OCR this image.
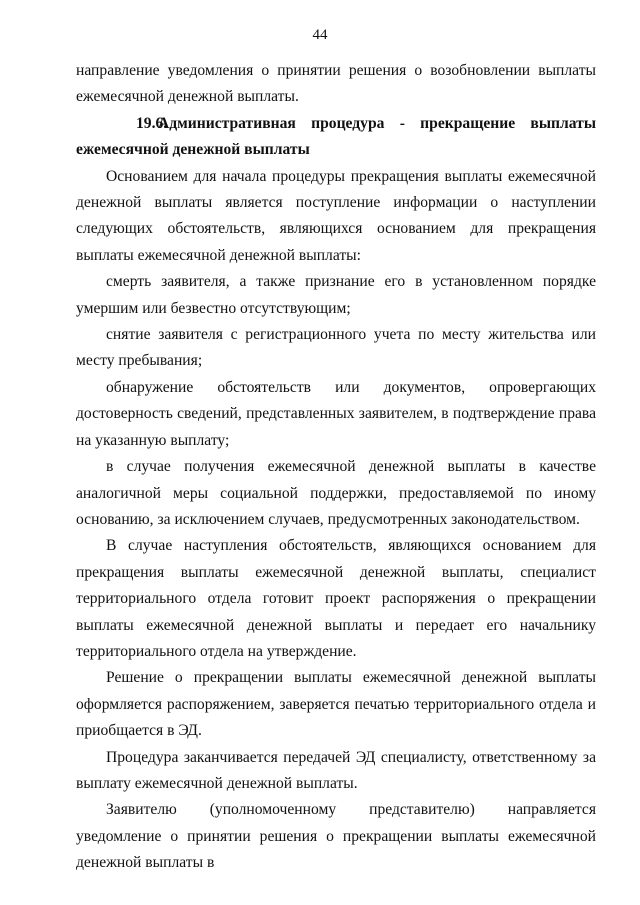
44

направление уведомления о принятии решения о возобновлении выплаты ежемесячной денежной выплаты.

19.6.Административная процедура - прекращение выплаты ежемесячной денежной выплаты

Основанием для начала процедуры прекращения выплаты ежемесячной денежной выплаты является поступление информации о наступлении следующих обстоятельств, являющихся основанием для прекращения выплаты ежемесячной денежной выплаты:

смерть заявителя, а также признание его в установленном порядке умершим или безвестно отсутствующим;

снятие заявителя с регистрационного учета по месту жительства или месту пребывания;

обнаружение обстоятельств или документов, опровергающих достоверность сведений, представленных заявителем, в подтверждение права на указанную выплату;

в случае получения ежемесячной денежной выплаты в качестве аналогичной меры социальной поддержки, предоставляемой по иному основанию, за исключением случаев, предусмотренных законодательством.

В случае наступления обстоятельств, являющихся основанием для прекращения выплаты ежемесячной денежной выплаты, специалист территориального отдела готовит проект распоряжения о прекращении выплаты ежемесячной денежной выплаты и передает его начальнику территориального отдела на утверждение.

Решение о прекращении выплаты ежемесячной денежной выплаты оформляется распоряжением, заверяется печатью территориального отдела и приобщается в ЭД.

Процедура заканчивается передачей ЭД специалисту, ответственному за выплату ежемесячной денежной выплаты.

Заявителю (уполномоченному представителю) направляется уведомление о принятии решения о прекращении выплаты ежемесячной денежной выплаты в
